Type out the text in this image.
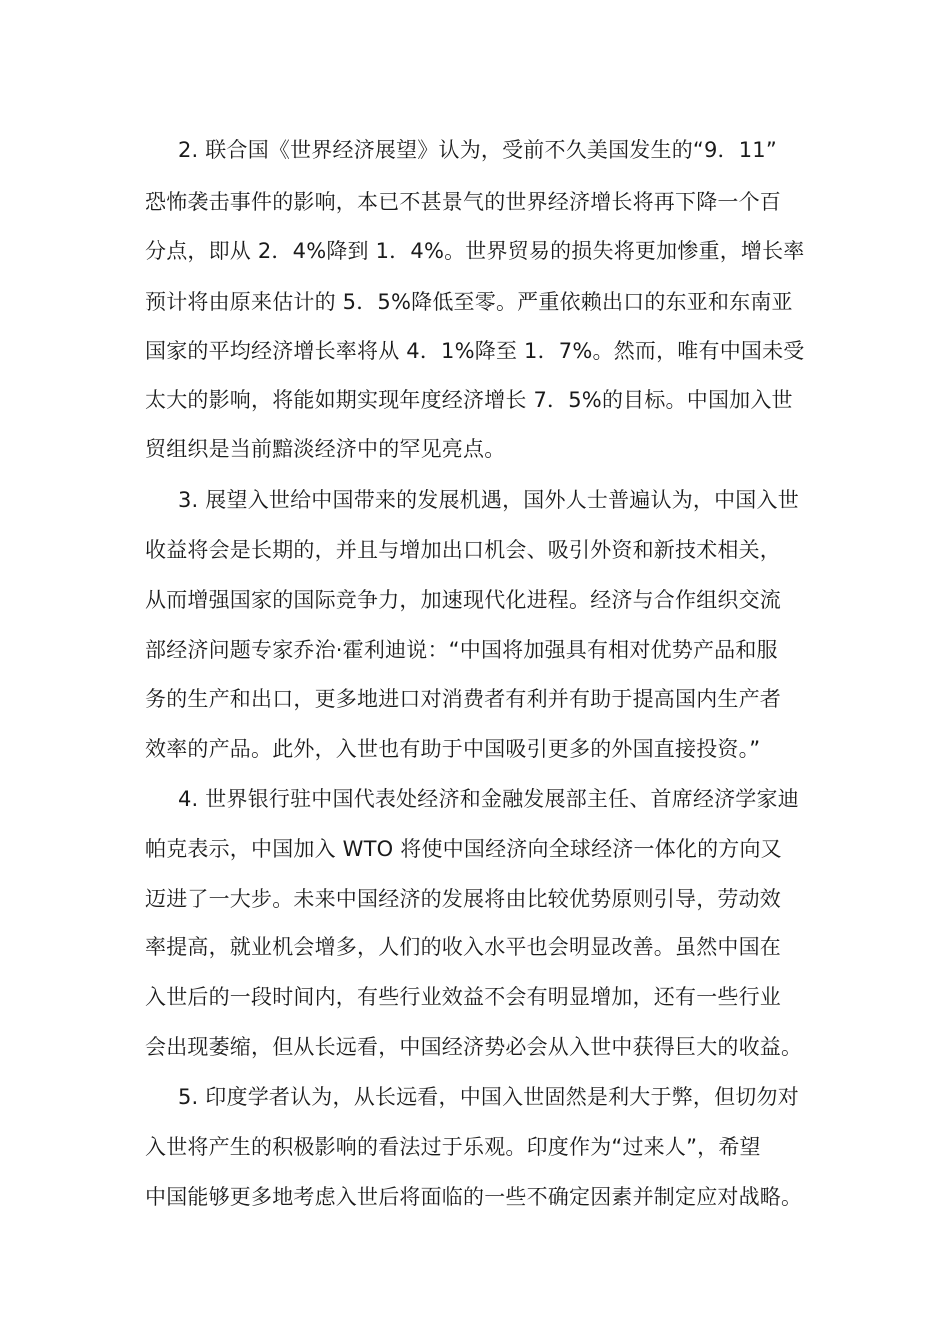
2. 联合国《世界经济展望》认为，受前不久美国发生的“9．11”
恐怖袭击事件的影响，本已不甚景气的世界经济增长将再下降一个百
分点，即从 2．4%降到 1．4%。世界贸易的损失将更加惨重，增长率
预计将由原来估计的 5．5%降低至零。严重依赖出口的东亚和东南亚
国家的平均经济增长率将从 4．1%降至 1．7%。然而，唯有中国未受
太大的影响，将能如期实现年度经济增长 7．5%的目标。中国加入世
贸组织是当前黯淡经济中的罕见亮点。
3. 展望入世给中国带来的发展机遇，国外人士普遍认为，中国入世
收益将会是长期的，并且与增加出口机会、吸引外资和新技术相关，
从而增强国家的国际竞争力，加速现代化进程。经济与合作组织交流
部经济问题专家乔治·霍利迪说：“中国将加强具有相对优势产品和服
务的生产和出口，更多地进口对消费者有利并有助于提高国内生产者
效率的产品。此外，入世也有助于中国吸引更多的外国直接投资。”
4. 世界银行驻中国代表处经济和金融发展部主任、首席经济学家迪
帕克表示，中国加入 WTO 将使中国经济向全球经济一体化的方向又
迈进了一大步。未来中国经济的发展将由比较优势原则引导，劳动效
率提高，就业机会增多，人们的收入水平也会明显改善。虽然中国在
入世后的一段时间内，有些行业效益不会有明显增加，还有一些行业
会出现萎缩，但从长远看，中国经济势必会从入世中获得巨大的收益。
5. 印度学者认为，从长远看，中国入世固然是利大于弊，但切勿对
入世将产生的积极影响的看法过于乐观。印度作为“过来人”，希望
中国能够更多地考虑入世后将面临的一些不确定因素并制定应对战略。
